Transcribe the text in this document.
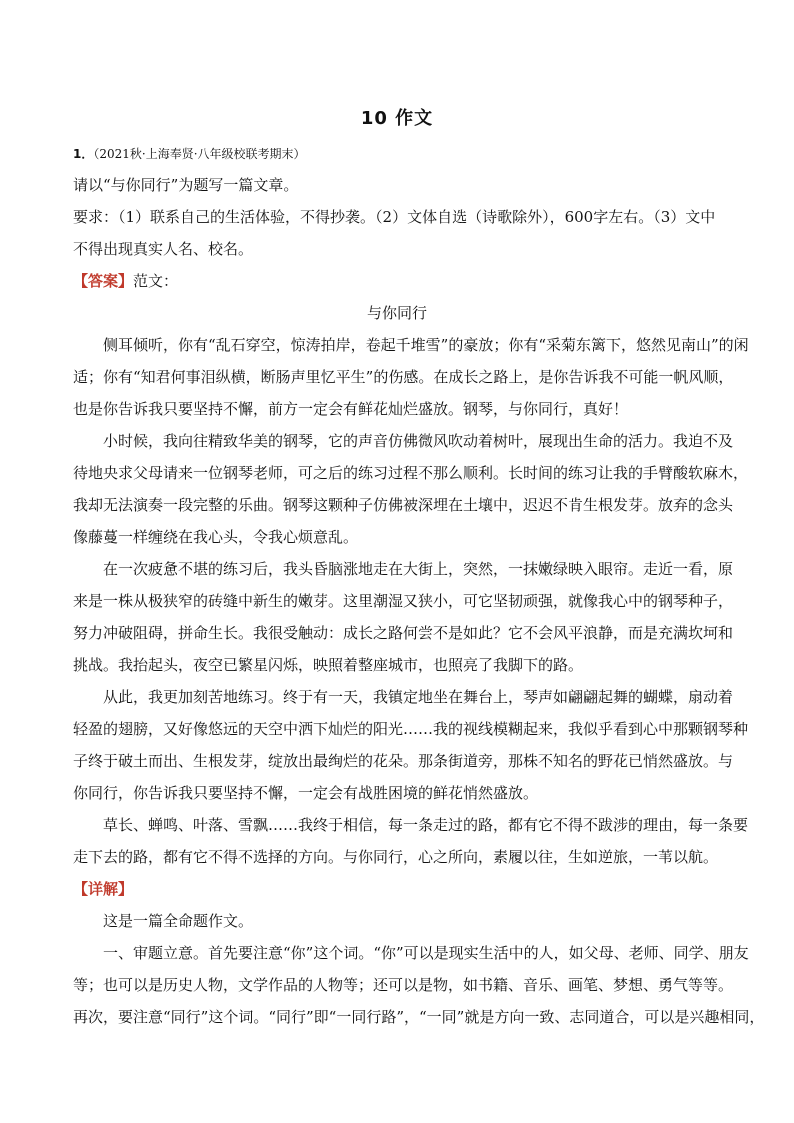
10 作文
1．（2021秋·上海奉贤·八年级校联考期末）
请以“与你同行”为题写一篇文章。
要求：（1）联系自己的生活体验，不得抄袭。（2）文体自选（诗歌除外），600字左右。（3）文中
不得出现真实人名、校名。
【答案】范文：
与你同行
侧耳倾听，你有“乱石穿空，惊涛拍岸，卷起千堆雪”的豪放；你有“采菊东篱下，悠然见南山”的闲
适；你有“知君何事泪纵横，断肠声里忆平生”的伤感。在成长之路上，是你告诉我不可能一帆风顺，
也是你告诉我只要坚持不懈，前方一定会有鲜花灿烂盛放。钢琴，与你同行，真好！
小时候，我向往精致华美的钢琴，它的声音仿佛微风吹动着树叶，展现出生命的活力。我迫不及
待地央求父母请来一位钢琴老师，可之后的练习过程不那么顺利。长时间的练习让我的手臂酸软麻木，
我却无法演奏一段完整的乐曲。钢琴这颗种子仿佛被深埋在土壤中，迟迟不肯生根发芽。放弃的念头
像藤蔓一样缠绕在我心头，令我心烦意乱。
在一次疲惫不堪的练习后，我头昏脑涨地走在大街上，突然，一抹嫩绿映入眼帘。走近一看，原
来是一株从极狭窄的砖缝中新生的嫩芽。这里潮湿又狭小，可它坚韧顽强，就像我心中的钢琴种子，
努力冲破阻碍，拼命生长。我很受触动：成长之路何尝不是如此？它不会风平浪静，而是充满坎坷和
挑战。我抬起头，夜空已繁星闪烁，映照着整座城市，也照亮了我脚下的路。
从此，我更加刻苦地练习。终于有一天，我镇定地坐在舞台上，琴声如翩翩起舞的蝴蝶，扇动着
轻盈的翅膀，又好像悠远的天空中洒下灿烂的阳光……我的视线模糊起来，我似乎看到心中那颗钢琴种
子终于破土而出、生根发芽，绽放出最绚烂的花朵。那条街道旁，那株不知名的野花已悄然盛放。与
你同行，你告诉我只要坚持不懈，一定会有战胜困境的鲜花悄然盛放。
草长、蝉鸣、叶落、雪飘……我终于相信，每一条走过的路，都有它不得不跋涉的理由，每一条要
走下去的路，都有它不得不选择的方向。与你同行，心之所向，素履以往，生如逆旅，一苇以航。
【详解】
这是一篇全命题作文。
一、审题立意。首先要注意“你”这个词。“你”可以是现实生活中的人，如父母、老师、同学、朋友
等；也可以是历史人物，文学作品的人物等；还可以是物，如书籍、音乐、画笔、梦想、勇气等等。
再次，要注意“同行”这个词。“同行”即“一同行路”，“一同”就是方向一致、志同道合，可以是兴趣相同，
